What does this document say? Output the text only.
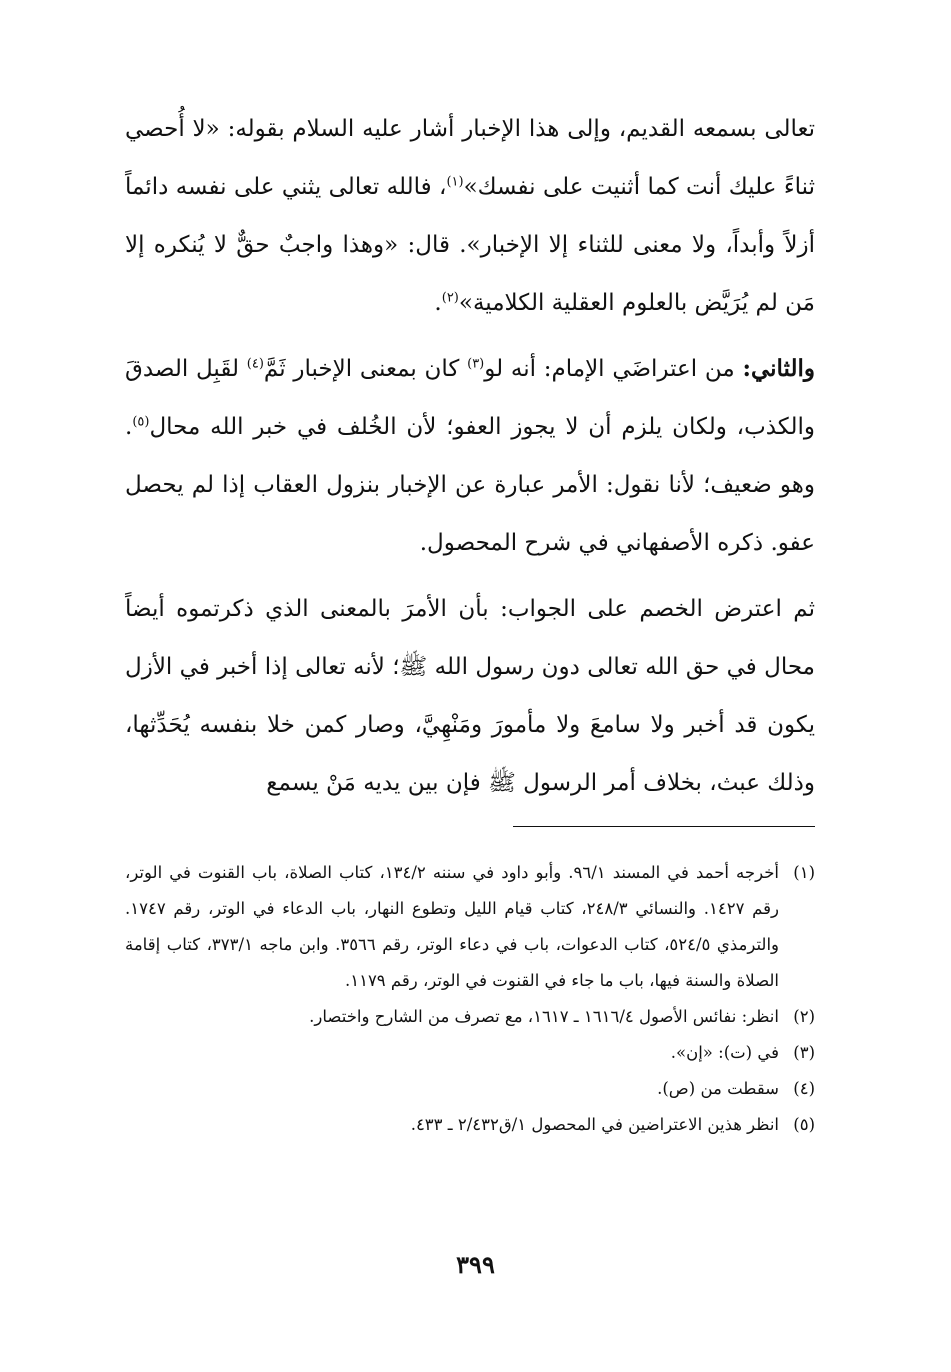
تعالى بسمعه القديم، وإلى هذا الإخبار أشار عليه السلام بقوله: «لا أُحصي ثناءً عليك أنت كما أثنيت على نفسك»$^{(١)}$، فالله تعالى يثني على نفسه دائماً أزلاً وأبداً، ولا معنى للثناء إلا الإخبار». قال: «وهذا واجبٌ حقٌّ لا يُنكره إلا مَن لم يُرَيَّض بالعلوم العقلية الكلامية»$^{(٢)}$.

والثاني: من اعتراضَي الإمام: أنه لو$^{(٣)}$ كان بمعنى الإخبار ثَمَّ$^{(٤)}$ لقَبِل الصدقَ والكذب، ولكان يلزم أن لا يجوز العفو؛ لأن الخُلف في خبر الله محال$^{(٥)}$. وهو ضعيف؛ لأنا نقول: الأمر عبارة عن الإخبار بنزول العقاب إذا لم يحصل عفو. ذكره الأصفهاني في شرح المحصول.

ثم اعترض الخصم على الجواب: بأن الأمرَ بالمعنى الذي ذكرتموه أيضاً محال في حق الله تعالى دون رسول الله ﷺ؛ لأنه تعالى إذا أخبر في الأزل يكون قد أخبر ولا سامعَ ولا مأمورَ ومَنْهِيَّ، وصار كمن خلا بنفسه يُحَدِّثها، وذلك عبث، بخلاف أمر الرسول ﷺ فإن بين يديه مَنْ يسمع

(١)
أخرجه أحمد في المسند ٩٦/١. وأبو داود في سننه ١٣٤/٢، كتاب الصلاة، باب القنوت في الوتر، رقم ١٤٢٧. والنسائي ٢٤٨/٣، كتاب قيام الليل وتطوع النهار، باب الدعاء في الوتر، رقم ١٧٤٧. والترمذي ٥٢٤/٥، كتاب الدعوات، باب في دعاء الوتر، رقم ٣٥٦٦. وابن ماجه ٣٧٣/١، كتاب إقامة الصلاة والسنة فيها، باب ما جاء في القنوت في الوتر، رقم ١١٧٩.
(٢)
انظر: نفائس الأصول ١٦١٦/٤ ـ ١٦١٧، مع تصرف من الشارح واختصار.
(٣)
في (ت): «إن».
(٤)
سقطت من (ص).
(٥)
انظر هذين الاعتراضين في المحصول ١/ق٢/٤٣٢ ـ ٤٣٣.
٣٩٩
